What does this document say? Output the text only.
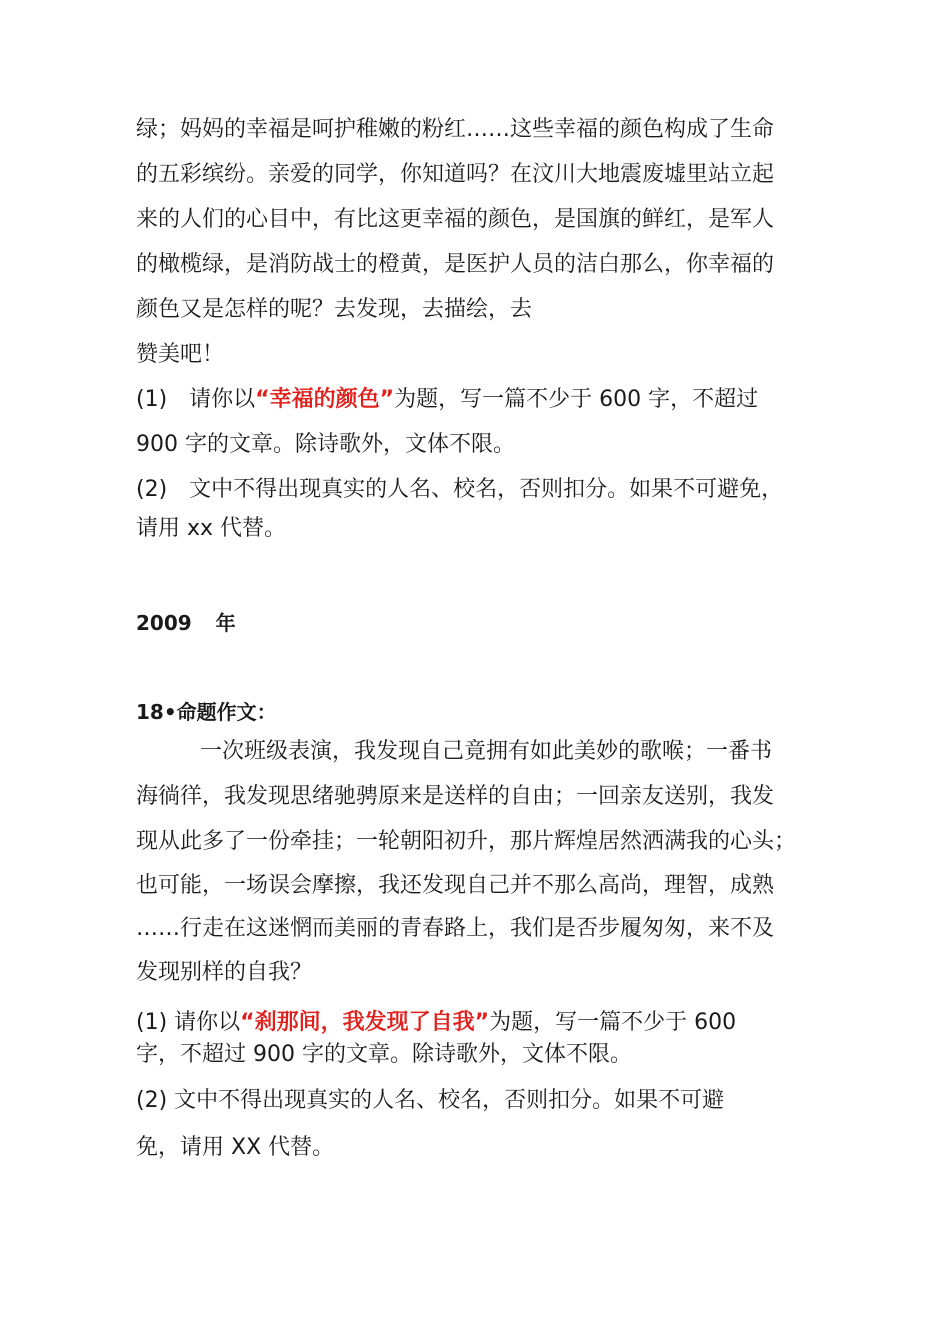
绿；妈妈的幸福是呵护稚嫩的粉红……这些幸福的颜色构成了生命

的五彩缤纷。亲爱的同学，你知道吗？在汶川大地震废墟里站立起

来的人们的心目中，有比这更幸福的颜色，是国旗的鲜红，是军人

的橄榄绿，是消防战士的橙黄，是医护人员的洁白那么，你幸福的

颜色又是怎样的呢？去发现，去描绘，去

赞美吧！

(1)　请你以“幸福的颜色”为题，写一篇不少于 600 字，不超过

900 字的文章。除诗歌外，文体不限。

(2)　文中不得出现真实的人名、校名，否则扣分。如果不可避免，

请用 xx 代替。

2009 年

18•命题作文：

一次班级表演，我发现自己竟拥有如此美妙的歌喉；一番书

海徜徉，我发现思绪驰骋原来是送样的自由；一回亲友送别，我发

现从此多了一份牵挂；一轮朝阳初升，那片辉煌居然洒满我的心头；

也可能，一场误会摩擦，我还发现自己并不那么高尚，理智，成熟

……行走在这迷惘而美丽的青春路上，我们是否步履匆匆，来不及

发现别样的自我？

(1) 请你以“刹那间，我发现了自我”为题，写一篇不少于 600

字，不超过 900 字的文章。除诗歌外，文体不限。

(2) 文中不得出现真实的人名、校名，否则扣分。如果不可避

免，请用 XX 代替。
